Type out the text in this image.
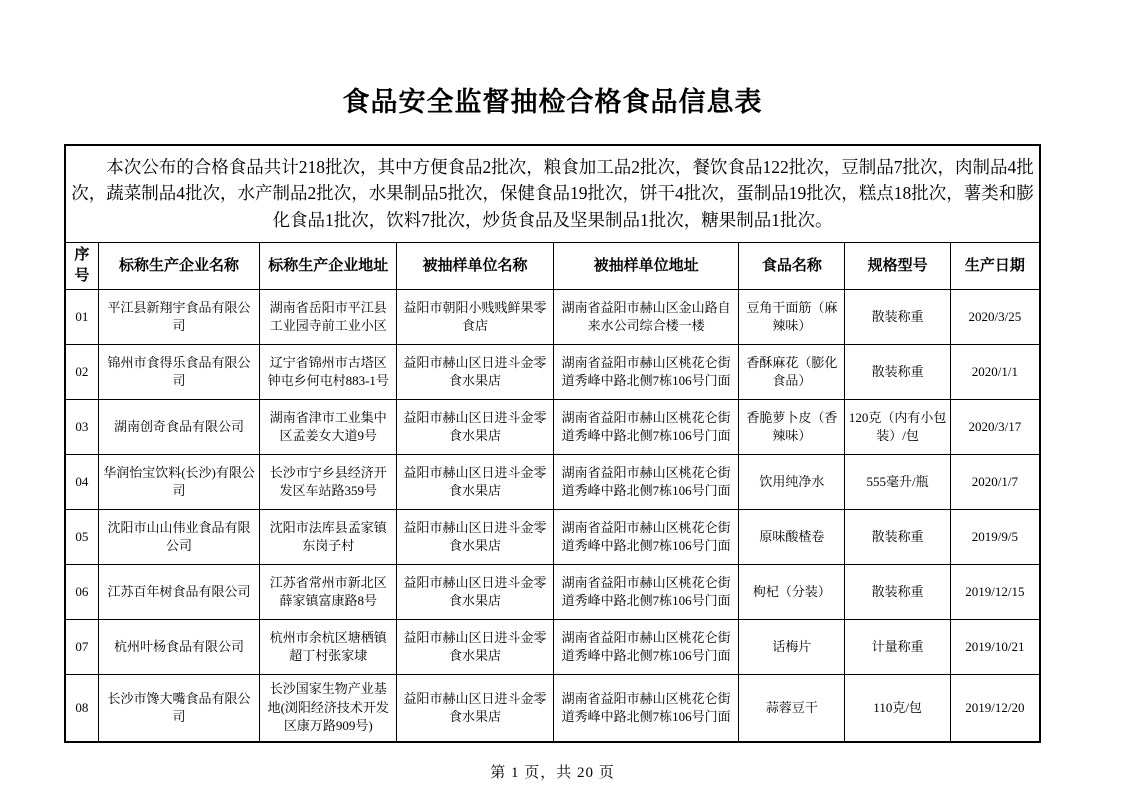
食品安全监督抽检合格食品信息表
本次公布的合格食品共计218批次，其中方便食品2批次，粮食加工品2批次，餐饮食品122批次，豆制品7批次，肉制品4批次，蔬菜制品4批次，水产制品2批次，水果制品5批次，保健食品19批次，饼干4批次，蛋制品19批次，糕点18批次，薯类和膨化食品1批次，饮料7批次，炒货食品及坚果制品1批次，糖果制品1批次。							
序号	标称生产企业名称	标称生产企业地址	被抽样单位名称	被抽样单位地址	食品名称	规格型号	生产日期
01	平江县新翔宇食品有限公司	湖南省岳阳市平江县工业园寺前工业小区	益阳市朝阳小贱贱鲜果零食店	湖南省益阳市赫山区金山路自来水公司综合楼一楼	豆角干面筋（麻辣味）	散装称重	2020/3/25
02	锦州市食得乐食品有限公司	辽宁省锦州市古塔区钟屯乡何屯村883-1号	益阳市赫山区日进斗金零食水果店	湖南省益阳市赫山区桃花仑街道秀峰中路北侧7栋106号门面	香酥麻花（膨化食品）	散装称重	2020/1/1
03	湖南创奇食品有限公司	湖南省津市工业集中区孟姜女大道9号	益阳市赫山区日进斗金零食水果店	湖南省益阳市赫山区桃花仑街道秀峰中路北侧7栋106号门面	香脆萝卜皮（香辣味）	120克（内有小包装）/包	2020/3/17
04	华润怡宝饮料(长沙)有限公司	长沙市宁乡县经济开发区车站路359号	益阳市赫山区日进斗金零食水果店	湖南省益阳市赫山区桃花仑街道秀峰中路北侧7栋106号门面	饮用纯净水	555毫升/瓶	2020/1/7
05	沈阳市山山伟业食品有限公司	沈阳市法库县孟家镇东岗子村	益阳市赫山区日进斗金零食水果店	湖南省益阳市赫山区桃花仑街道秀峰中路北侧7栋106号门面	原味酸楂卷	散装称重	2019/9/5
06	江苏百年树食品有限公司	江苏省常州市新北区薛家镇富康路8号	益阳市赫山区日进斗金零食水果店	湖南省益阳市赫山区桃花仑街道秀峰中路北侧7栋106号门面	枸杞（分装）	散装称重	2019/12/15
07	杭州叶杨食品有限公司	杭州市余杭区塘栖镇超丁村张家埭	益阳市赫山区日进斗金零食水果店	湖南省益阳市赫山区桃花仑街道秀峰中路北侧7栋106号门面	话梅片	计量称重	2019/10/21
08	长沙市馋大嘴食品有限公司	长沙国家生物产业基地(浏阳经济技术开发区康万路909号)	益阳市赫山区日进斗金零食水果店	湖南省益阳市赫山区桃花仑街道秀峰中路北侧7栋106号门面	蒜蓉豆干	110克/包	2019/12/20
第 1 页，共 20 页
